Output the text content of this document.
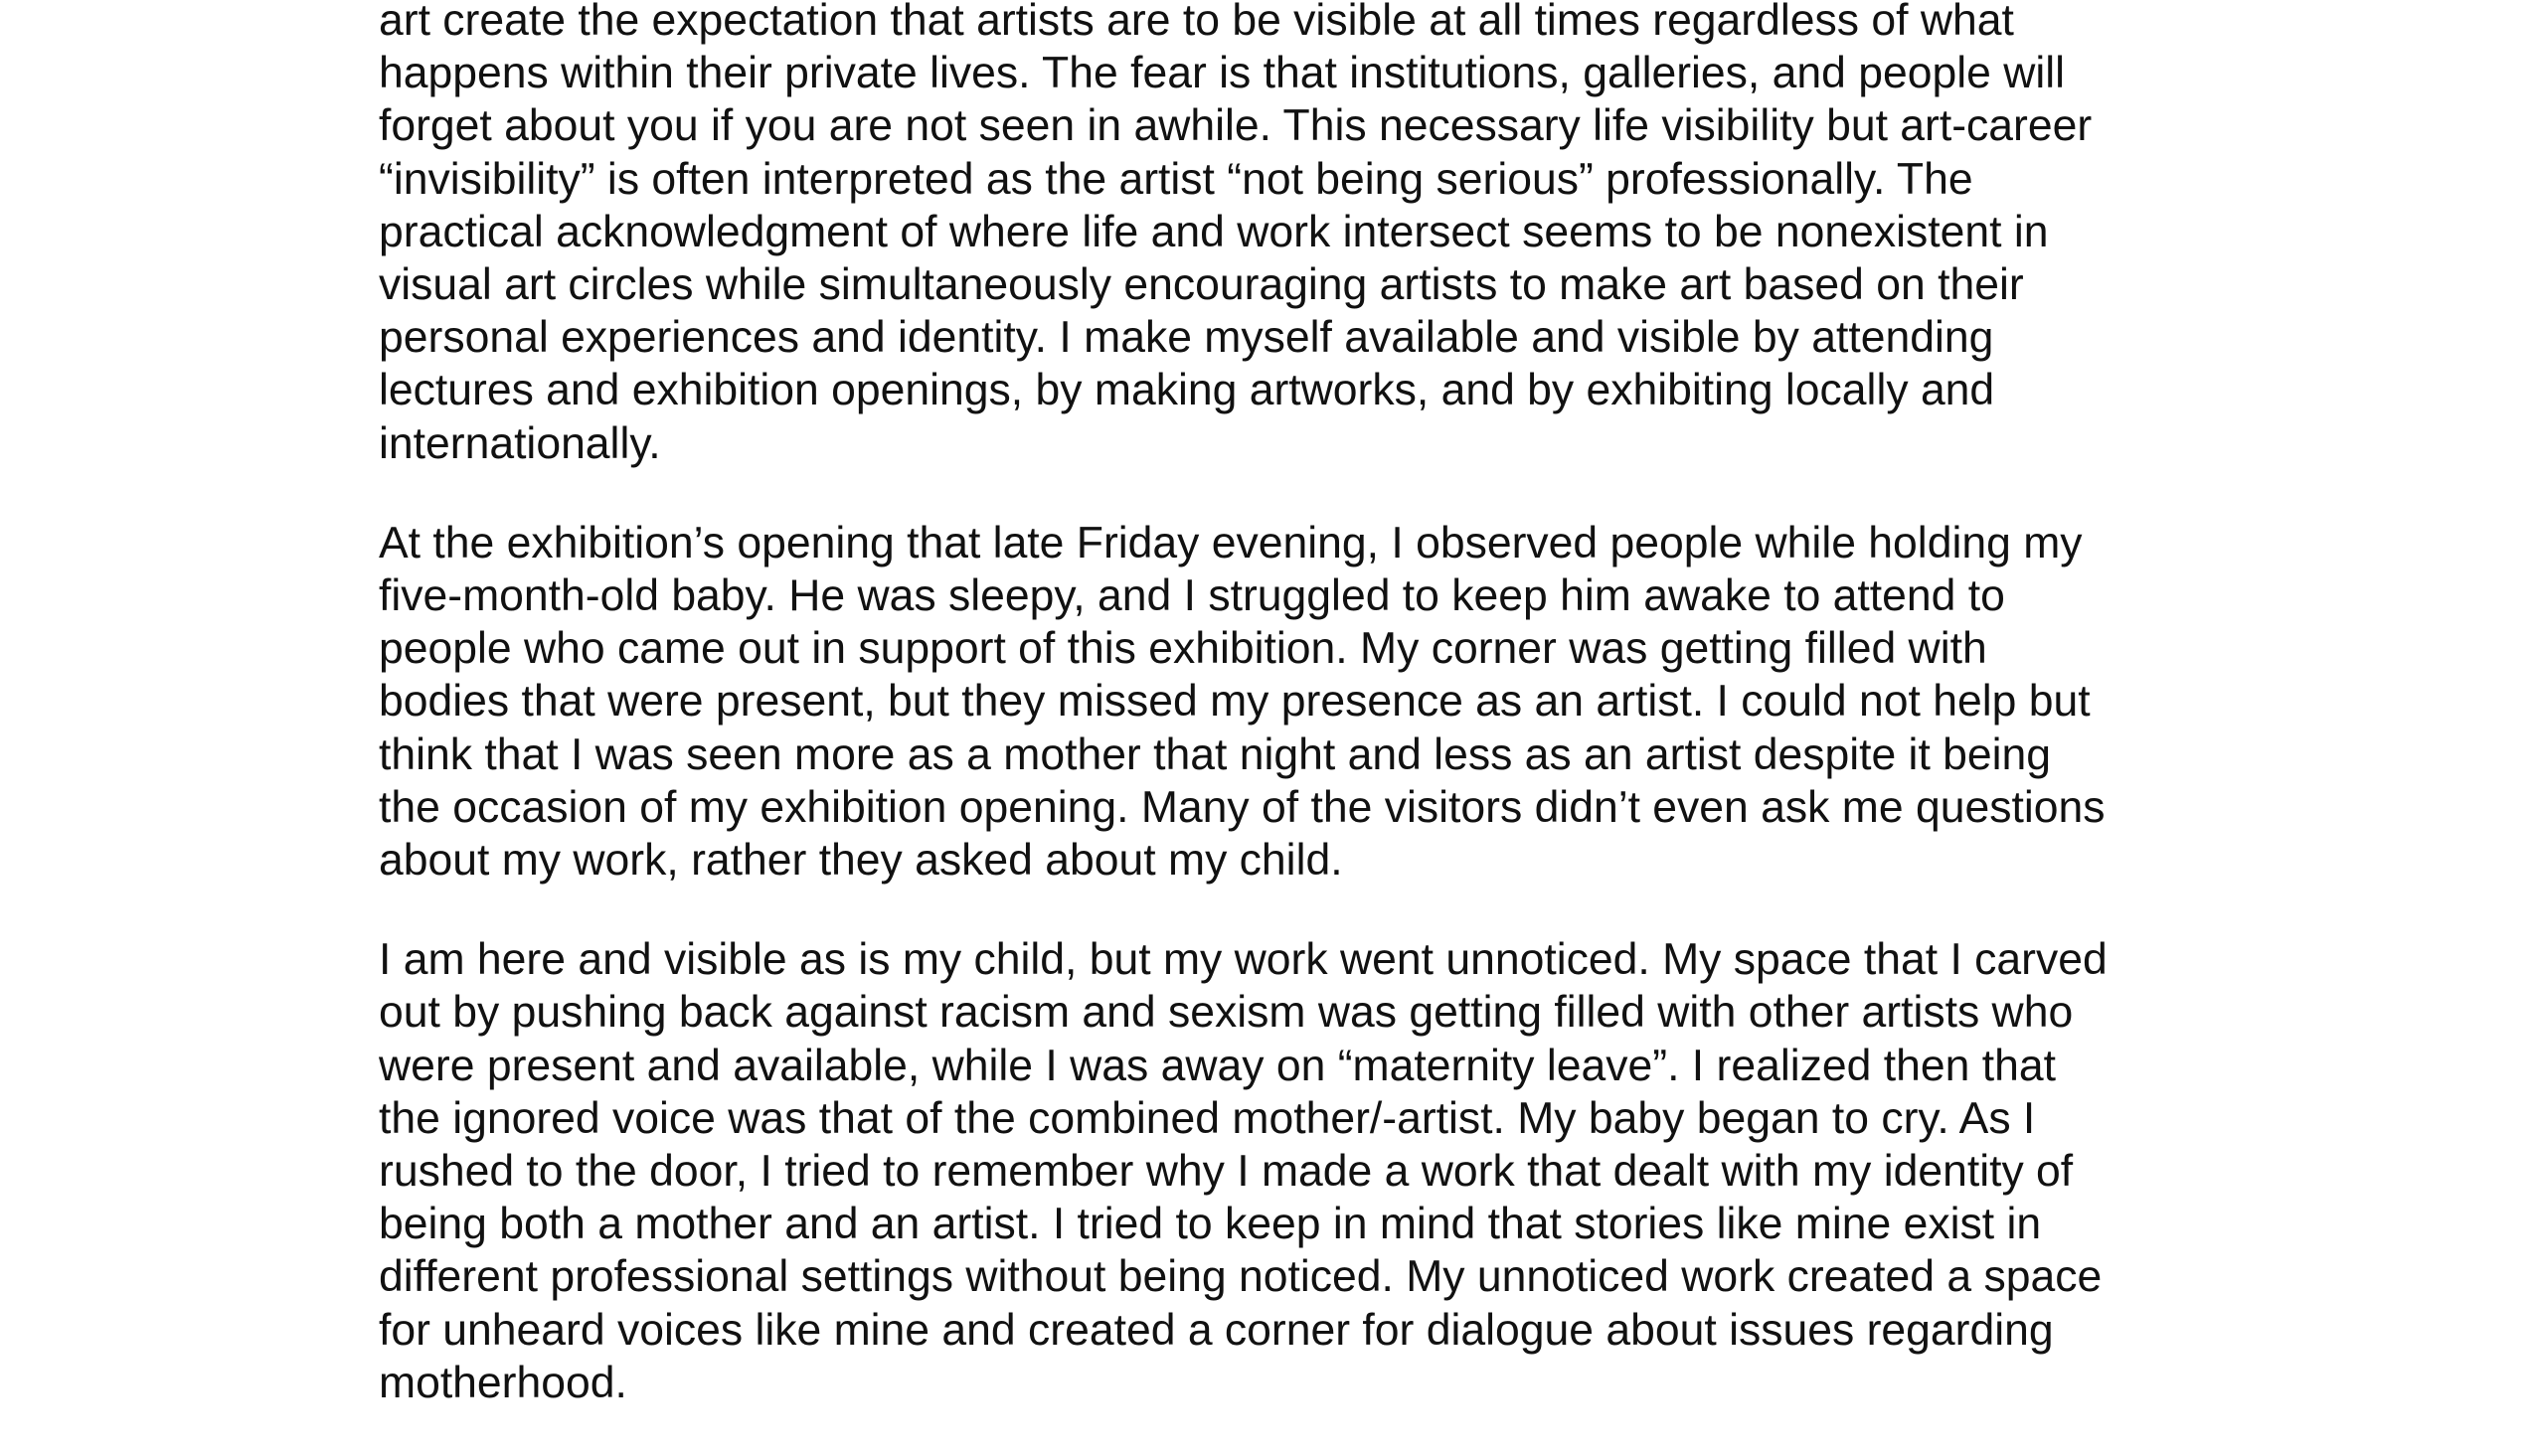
art create the expectation that artists are to be visible at all times regardless of what
happens within their private lives. The fear is that institutions, galleries, and people will
forget about you if you are not seen in awhile. This necessary life visibility but art-career
“invisibility” is often interpreted as the artist “not being serious” professionally. The
practical acknowledgment of where life and work intersect seems to be nonexistent in
visual art circles while simultaneously encouraging artists to make art based on their
personal experiences and identity. I make myself available and visible by attending
lectures and exhibition openings, by making artworks, and by exhibiting locally and
internationally.

At the exhibition’s opening that late Friday evening, I observed people while holding my
five-month-old baby. He was sleepy, and I struggled to keep him awake to attend to
people who came out in support of this exhibition. My corner was getting filled with
bodies that were present, but they missed my presence as an artist. I could not help but
think that I was seen more as a mother that night and less as an artist despite it being
the occasion of my exhibition opening. Many of the visitors didn’t even ask me questions
about my work, rather they asked about my child.

I am here and visible as is my child, but my work went unnoticed. My space that I carved
out by pushing back against racism and sexism was getting filled with other artists who
were present and available, while I was away on “maternity leave”. I realized then that
the ignored voice was that of the combined mother/-artist. My baby began to cry. As I
rushed to the door, I tried to remember why I made a work that dealt with my identity of
being both a mother and an artist. I tried to keep in mind that stories like mine exist in
different professional settings without being noticed. My unnoticed work created a space
for unheard voices like mine and created a corner for dialogue about issues regarding
motherhood.
